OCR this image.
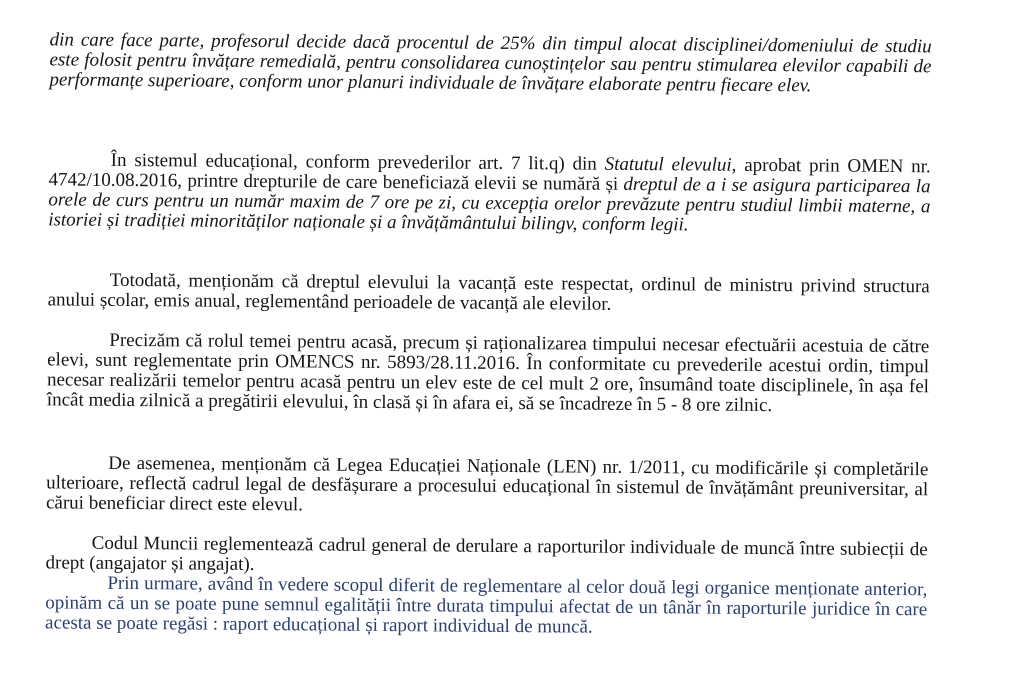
din care face parte, profesorul decide dacă procentul de 25% din timpul alocat disciplinei/domeniului de studiu este folosit pentru învățare remedială, pentru consolidarea cunoștințelor sau pentru stimularea elevilor capabili de performanțe superioare, conform unor planuri individuale de învățare elaborate pentru fiecare elev.

În sistemul educațional, conform prevederilor art. 7 lit.q) din Statutul elevului, aprobat prin OMEN nr. 4742/10.08.2016, printre drepturile de care beneficiază elevii se numără și dreptul de a i se asigura participarea la orele de curs pentru un număr maxim de 7 ore pe zi, cu excepția orelor prevăzute pentru studiul limbii materne, a istoriei și tradiției minorităților naționale și a învățământului bilingv, conform legii.

Totodată, menționăm că dreptul elevului la vacanță este respectat, ordinul de ministru privind structura anului școlar, emis anual, reglementând perioadele de vacanță ale elevilor.

Precizăm că rolul temei pentru acasă, precum și raționalizarea timpului necesar efectuării acestuia de către elevi, sunt reglementate prin OMENCS nr. 5893/28.11.2016. În conformitate cu prevederile acestui ordin, timpul necesar realizării temelor pentru acasă pentru un elev este de cel mult 2 ore, însumând toate disciplinele, în așa fel încât media zilnică a pregătirii elevului, în clasă și în afara ei, să se încadreze în 5 - 8 ore zilnic.

De asemenea, menționăm că Legea Educației Naționale (LEN) nr. 1/2011, cu modificările și completările ulterioare, reflectă cadrul legal de desfășurare a procesului educațional în sistemul de învățământ preuniversitar, al cărui beneficiar direct este elevul.

Codul Muncii reglementează cadrul general de derulare a raporturilor individuale de muncă între subiecții de drept (angajator și angajat).

Prin urmare, având în vedere scopul diferit de reglementare al celor două legi organice menționate anterior, opinăm că un se poate pune semnul egalității între durata timpului afectat de un tânăr în raporturile juridice în care acesta se poate regăsi : raport educațional și raport individual de muncă.
